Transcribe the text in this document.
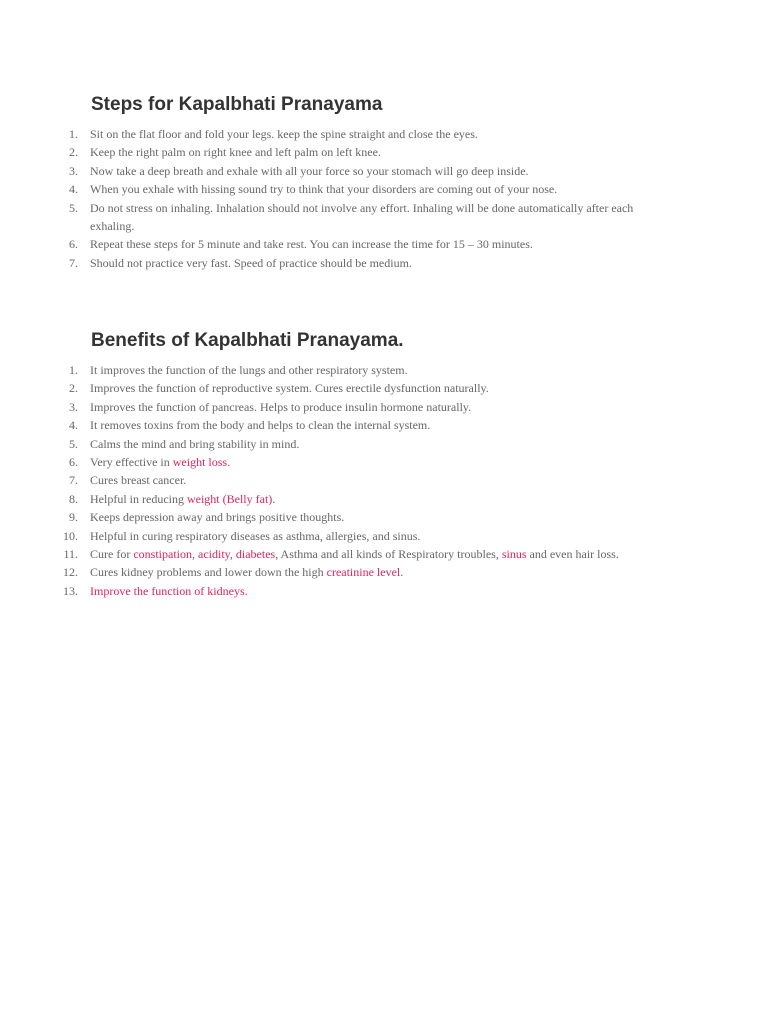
Steps for Kapalbhati Pranayama
1. Sit on the flat floor and fold your legs. keep the spine straight and close the eyes.
2. Keep the right palm on right knee and left palm on left knee.
3. Now take a deep breath and exhale with all your force so your stomach will go deep inside.
4. When you exhale with hissing sound try to think that your disorders are coming out of your nose.
5. Do not stress on inhaling. Inhalation should not involve any effort. Inhaling will be done automatically after each exhaling.
6. Repeat these steps for 5 minute and take rest. You can increase the time for 15 – 30 minutes.
7. Should not practice very fast. Speed of practice should be medium.
Benefits of Kapalbhati Pranayama.
1. It improves the function of the lungs and other respiratory system.
2. Improves the function of reproductive system. Cures erectile dysfunction naturally.
3. Improves the function of pancreas. Helps to produce insulin hormone naturally.
4. It removes toxins from the body and helps to clean the internal system.
5. Calms the mind and bring stability in mind.
6. Very effective in weight loss.
7. Cures breast cancer.
8. Helpful in reducing weight (Belly fat).
9. Keeps depression away and brings positive thoughts.
10. Helpful in curing respiratory diseases as asthma, allergies, and sinus.
11. Cure for constipation, acidity, diabetes, Asthma and all kinds of Respiratory troubles, sinus and even hair loss.
12. Cures kidney problems and lower down the high creatinine level.
13. Improve the function of kidneys.
